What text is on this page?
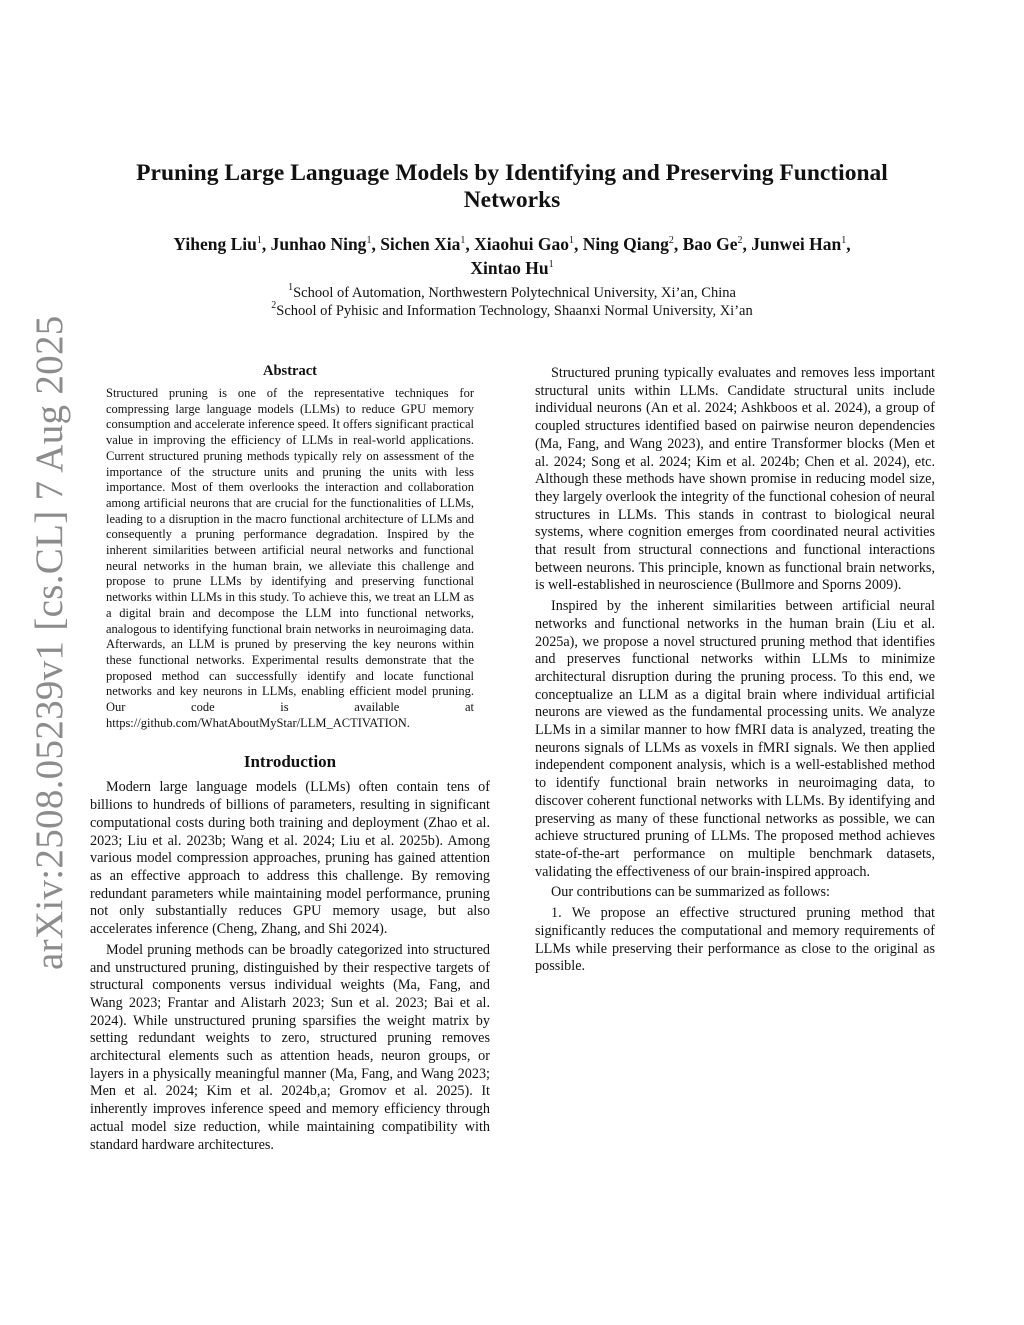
arXiv:2508.05239v1 [cs.CL] 7 Aug 2025
Pruning Large Language Models by Identifying and Preserving Functional Networks
Yiheng Liu$^1$, Junhao Ning$^1$, Sichen Xia$^1$, Xiaohui Gao$^1$, Ning Qiang$^2$, Bao Ge$^2$, Junwei Han$^1$,
Xintao Hu$^1$
$^1$School of Automation, Northwestern Polytechnical University, Xi’an, China
$^2$School of Pyhisic and Information Technology, Shaanxi Normal University, Xi’an
Abstract

Structured pruning is one of the representative techniques for compressing large language models (LLMs) to reduce GPU memory consumption and accelerate inference speed. It offers significant practical value in improving the efficiency of LLMs in real-world applications. Current structured pruning methods typically rely on assessment of the importance of the structure units and pruning the units with less importance. Most of them overlooks the interaction and collaboration among artificial neurons that are crucial for the functionalities of LLMs, leading to a disruption in the macro functional architecture of LLMs and consequently a pruning performance degradation. Inspired by the inherent similarities between artificial neural networks and functional neural networks in the human brain, we alleviate this challenge and propose to prune LLMs by identifying and preserving functional networks within LLMs in this study. To achieve this, we treat an LLM as a digital brain and decompose the LLM into functional networks, analogous to identifying functional brain networks in neuroimaging data. Afterwards, an LLM is pruned by preserving the key neurons within these functional networks. Experimental results demonstrate that the proposed method can successfully identify and locate functional networks and key neurons in LLMs, enabling efficient model pruning. Our code is available at https://github.com/WhatAboutMyStar/LLM_ACTIVATION.

Introduction

Modern large language models (LLMs) often contain tens of billions to hundreds of billions of parameters, resulting in significant computational costs during both training and deployment (Zhao et al. 2023; Liu et al. 2023b; Wang et al. 2024; Liu et al. 2025b). Among various model compression approaches, pruning has gained attention as an effective approach to address this challenge. By removing redundant parameters while maintaining model performance, pruning not only substantially reduces GPU memory usage, but also accelerates inference (Cheng, Zhang, and Shi 2024).

Model pruning methods can be broadly categorized into structured and unstructured pruning, distinguished by their respective targets of structural components versus individual weights (Ma, Fang, and Wang 2023; Frantar and Alistarh 2023; Sun et al. 2023; Bai et al. 2024). While unstructured pruning sparsifies the weight matrix by setting redundant weights to zero, structured pruning removes architectural elements such as attention heads, neuron groups, or layers in a physically meaningful manner (Ma, Fang, and Wang 2023; Men et al. 2024; Kim et al. 2024b,a; Gromov et al. 2025). It inherently improves inference speed and memory efficiency through actual model size reduction, while maintaining compatibility with standard hardware architectures.

Structured pruning typically evaluates and removes less important structural units within LLMs. Candidate structural units include individual neurons (An et al. 2024; Ashkboos et al. 2024), a group of coupled structures identified based on pairwise neuron dependencies (Ma, Fang, and Wang 2023), and entire Transformer blocks (Men et al. 2024; Song et al. 2024; Kim et al. 2024b; Chen et al. 2024), etc. Although these methods have shown promise in reducing model size, they largely overlook the integrity of the functional cohesion of neural structures in LLMs. This stands in contrast to biological neural systems, where cognition emerges from coordinated neural activities that result from structural connections and functional interactions between neurons. This principle, known as functional brain networks, is well-established in neuroscience (Bullmore and Sporns 2009).

Inspired by the inherent similarities between artificial neural networks and functional networks in the human brain (Liu et al. 2025a), we propose a novel structured pruning method that identifies and preserves functional networks within LLMs to minimize architectural disruption during the pruning process. To this end, we conceptualize an LLM as a digital brain where individual artificial neurons are viewed as the fundamental processing units. We analyze LLMs in a similar manner to how fMRI data is analyzed, treating the neurons signals of LLMs as voxels in fMRI signals. We then applied independent component analysis, which is a well-established method to identify functional brain networks in neuroimaging data, to discover coherent functional networks with LLMs. By identifying and preserving as many of these functional networks as possible, we can achieve structured pruning of LLMs. The proposed method achieves state-of-the-art performance on multiple benchmark datasets, validating the effectiveness of our brain-inspired approach.

Our contributions can be summarized as follows:

1. We propose an effective structured pruning method that significantly reduces the computational and memory requirements of LLMs while preserving their performance as close to the original as possible.
